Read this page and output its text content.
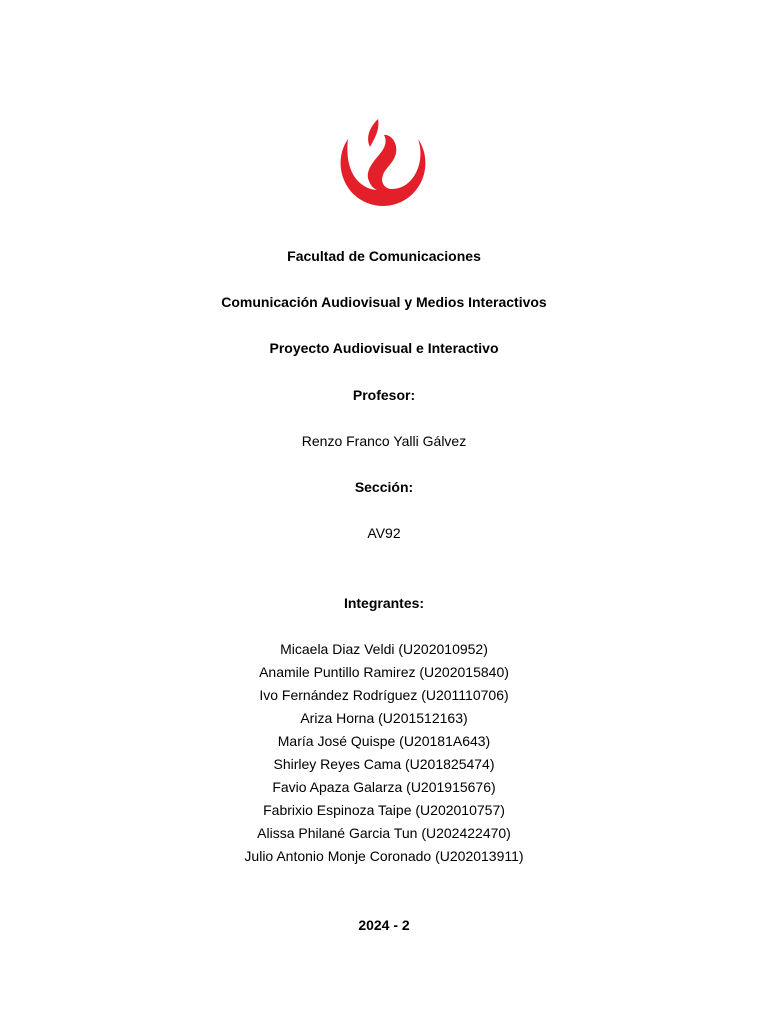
Facultad de Comunicaciones
Comunicación Audiovisual y Medios Interactivos
Proyecto Audiovisual e Interactivo
Profesor:
Renzo Franco Yalli Gálvez
Sección:
AV92
Integrantes:
Micaela Diaz Veldi (U202010952)
Anamile Puntillo Ramirez (U202015840)
Ivo Fernández Rodríguez (U201110706)
Ariza Horna (U201512163)
María José Quispe (U20181A643)
Shirley Reyes Cama (U201825474)
Favio Apaza Galarza (U201915676)
Fabrixio Espinoza Taipe (U202010757)
Alissa Philané Garcia Tun (U202422470)
Julio Antonio Monje Coronado (U202013911)
2024 - 2
